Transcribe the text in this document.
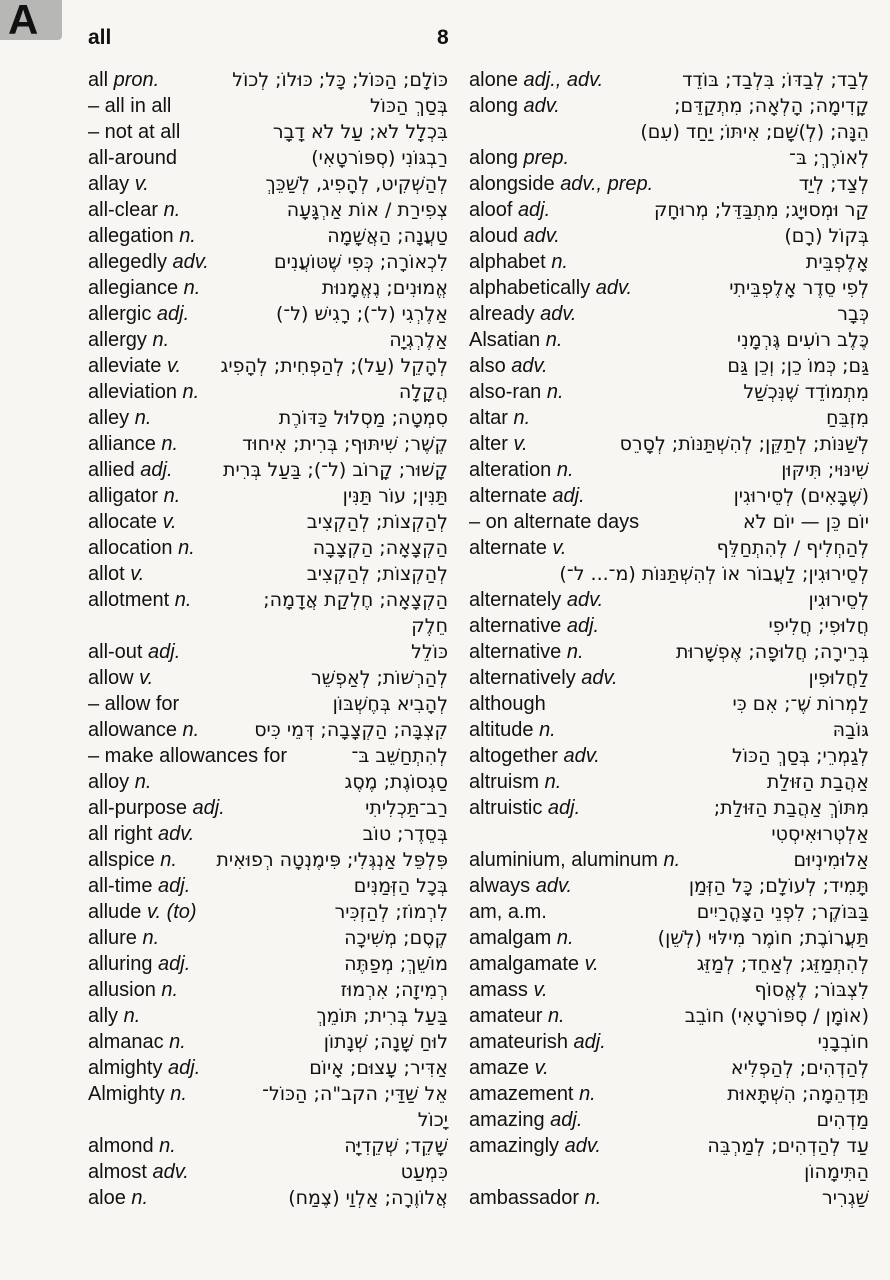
A all	8
all pron.	כּוֹלָם; הַכּוֹל; כָּל; כּוּלוֹ; לְכוֹל
– all in all	בְּסַךְ הַכּוֹל
– not at all	בִּכְלָל לֹא; עַל לֹא דָבָר
all-around	רַבְגּוֹנִי (סְפּוֹרטָאִי)
allay v.	לְהַשְׁקִיט, לְהָפִיג, לְשַׁכֵּךְ
all-clear n.	צְפִירַת / אוֹת אַרְגָּעָה
allegation n.	טַעֲנָה; הַאֲשָׁמָה
allegedly adv.	לִכְאוֹרָה; כְּפִי שֶׁטּוֹעֲנִים
allegiance n.	אֱמוּנִים; נֶאֱמָנוּת
allergic adj.	אַלֶרְגִי (ל־); רָגִישׁ (ל־)
allergy n.	אַלֶרְגְיָה
alleviate v. לְהָקֵל (עַל); לְהַפְחִית; לְהָפִיג
alleviation n.	הֲקָלָה
alley n.	סִמְטָה; מַסְלוּל כַּדּוֹרֶת
alliance n.	קֶשֶׁר; שִׁיתּוּף; בְּרִית; אִיחוּד
allied adj.	קָשׁוּר; קָרוֹב (ל־); בַּעַל בְּרִית
alligator n.	תַּנִּין; עוֹר תַּנִּין
allocate v.	לְהַקְצוֹת; לְהַקְצִיב
allocation n.	הַקְצָאָה; הַקְצָבָה
allot v.	לְהַקְצוֹת; לְהַקְצִיב
allotment n.	הַקְצָאָה; חֶלְקַת אֲדָמָה;
חֵלֶק
all-out adj.	כּוֹלֵל
allow v.	לְהַרְשׁוֹת; לְאַפְשֵׁר
– allow for	לְהָבִיא בְּחֶשְׁבּוֹן
allowance n.	קִצְבָּה; הַקְצָבָה; דְּמֵי כִּיס
– make allowances for	לְהִתְחַשֵּׁב בּ־
alloy n.	סַגְסוֹגֶת; מֶסֶג
all-purpose adj.	רַב־תַּכְלִיתִי
all right adv.	בְּסֵדֶר; טוֹב
allspice n. פִּלְפֵּל אַנְגְּלִי; פִּימֶנְטָה רְפוּאִית
all-time adj.	בְּכָל הַזְּמַנִּים
allude v. (to)	לִרְמוֹז; לְהַזְכִּיר
allure n.	קֶסֶם; מְשִׁיכָה
alluring adj.	מוֹשֵׁךְ; מְפַתֶּה
allusion n.	רְמִיזָה; אִרְמוּז
ally n.	בַּעַל בְּרִית; תּוֹמֵךְ
almanac n.	לוּחַ שָׁנָה; שְׁנָתוֹן
almighty adj.	אַדִּיר; עָצוּם; אָיוֹם
Almighty n.	אֵל שַׁדַּי; הקב"ה; הַכּוֹל־
יָכוֹל
almond n.	שָׁקֵד; שְׁקֵדִיָּה
almost adv.	כִּמְעַט
aloe n.	אֲלוֹוֶרָה; אַלְוַי (צֶמַח)
alone adj., adv.	לְבַד; לְבַדּוֹ; בִּלְבַד; בּוֹדֵד
along adv.	קָדִימָה; הָלְאָה; מִתְקַדֵּם;
הֵנָּה; (לְ)שָׁם; אִיתּוֹ; יַחַד (עִם)
along prep.	לְאוֹרֶךְ; בּ־
alongside adv., prep.	לְצַד; לְיַד
aloof adj.	קַר וּמְסוּיָג; מִתְבַּדֵּל; מְרוּחָק
aloud adv.	בְּקוֹל (רָם)
alphabet n.	אָלֶפְבֵּית
alphabetically adv.	לְפִי סֵדֶר אָלֶפְבֵּיתִי
already adv.	כְּבָר
Alsatian n.	כֶּלֶב רוֹעִים גֶּרְמָנִי
also adv.	גַּם; כְּמוֹ כֵן; וְכֵן גַּם
also-ran n.	מִתְמוֹדֵד שֶׁנִּכְשַׁל
altar n.	מִזְבֵּחַ
alter v.	לְשַׁנּוֹת; לְתַקֵּן; לְהִשְׁתַּנּוֹת; לְסָרֵס
alteration n.	שִׁינּוּי; תִּיקּוּן
alternate adj.	(שֶׁבָּאִים) לְסֵירוּגִין
– on alternate days	יוֹם כֵּן — יוֹם לֹא
alternate v.	לְהַחְלִיף / לְהִתְחַלֵּף
לְסֵירוּגִין; לַעֲבוֹר אוֹ לְהִשְׁתַּנּוֹת (מ־... ל־)
alternately adv.	לְסֵירוּגִין
alternative adj.	חֲלוּפִי; חֲלִיפִי
alternative n.	בְּרֵירָה; חֲלוּפָה; אֶפְשָׁרוּת
alternatively adv.	לַחֲלוּפִין
although	לַמְרוֹת שֶׁ־; אִם כִּי
altitude n.	גּוֹבַהּ
altogether adv.	לְגַמְרֵי; בְּסַךְ הַכּוֹל
altruism n.	אַהֲבַת הַזּוּלַת
altruistic adj.	מִתּוֹךְ אַהֲבַת הַזּוּלַת;
אַלְטְרוּאִיסְטִי
aluminium, aluminum n.	אַלוּמִינְיוּם
always adv.	תָּמִיד; לְעוֹלָם; כָּל הַזְּמַן
am, a.m.	בַּבּוֹקֶר; לִפְנֵי הַצָּהֳרַיִים
amalgam n.	תַּעֲרוֹבֶת; חוֹמֶר מִילּוּי (לְשֵׁן)
amalgamate v.	לְהִתְמַזֵּג; לְאַחֵד; לְמַזֵּג
amass v.	לִצְבּוֹר; לֶאֱסוֹף
amateur n.	(אוֹמָן / סְפּוֹרטָאִי) חוֹבֵב
amateurish adj.	חוֹבְבָנִי
amaze v.	לְהַדְהִים; לְהַפְלִיא
amazement n.	תַּדְהֵמָה; הִשְׁתָּאוּת
amazing adj.	מַדְהִים
amazingly adv.	עַד לְהַדְהִים; לְמַרְבֵּה
הַתִּימָהוֹן
ambassador n.	שַׁגְרִיר
